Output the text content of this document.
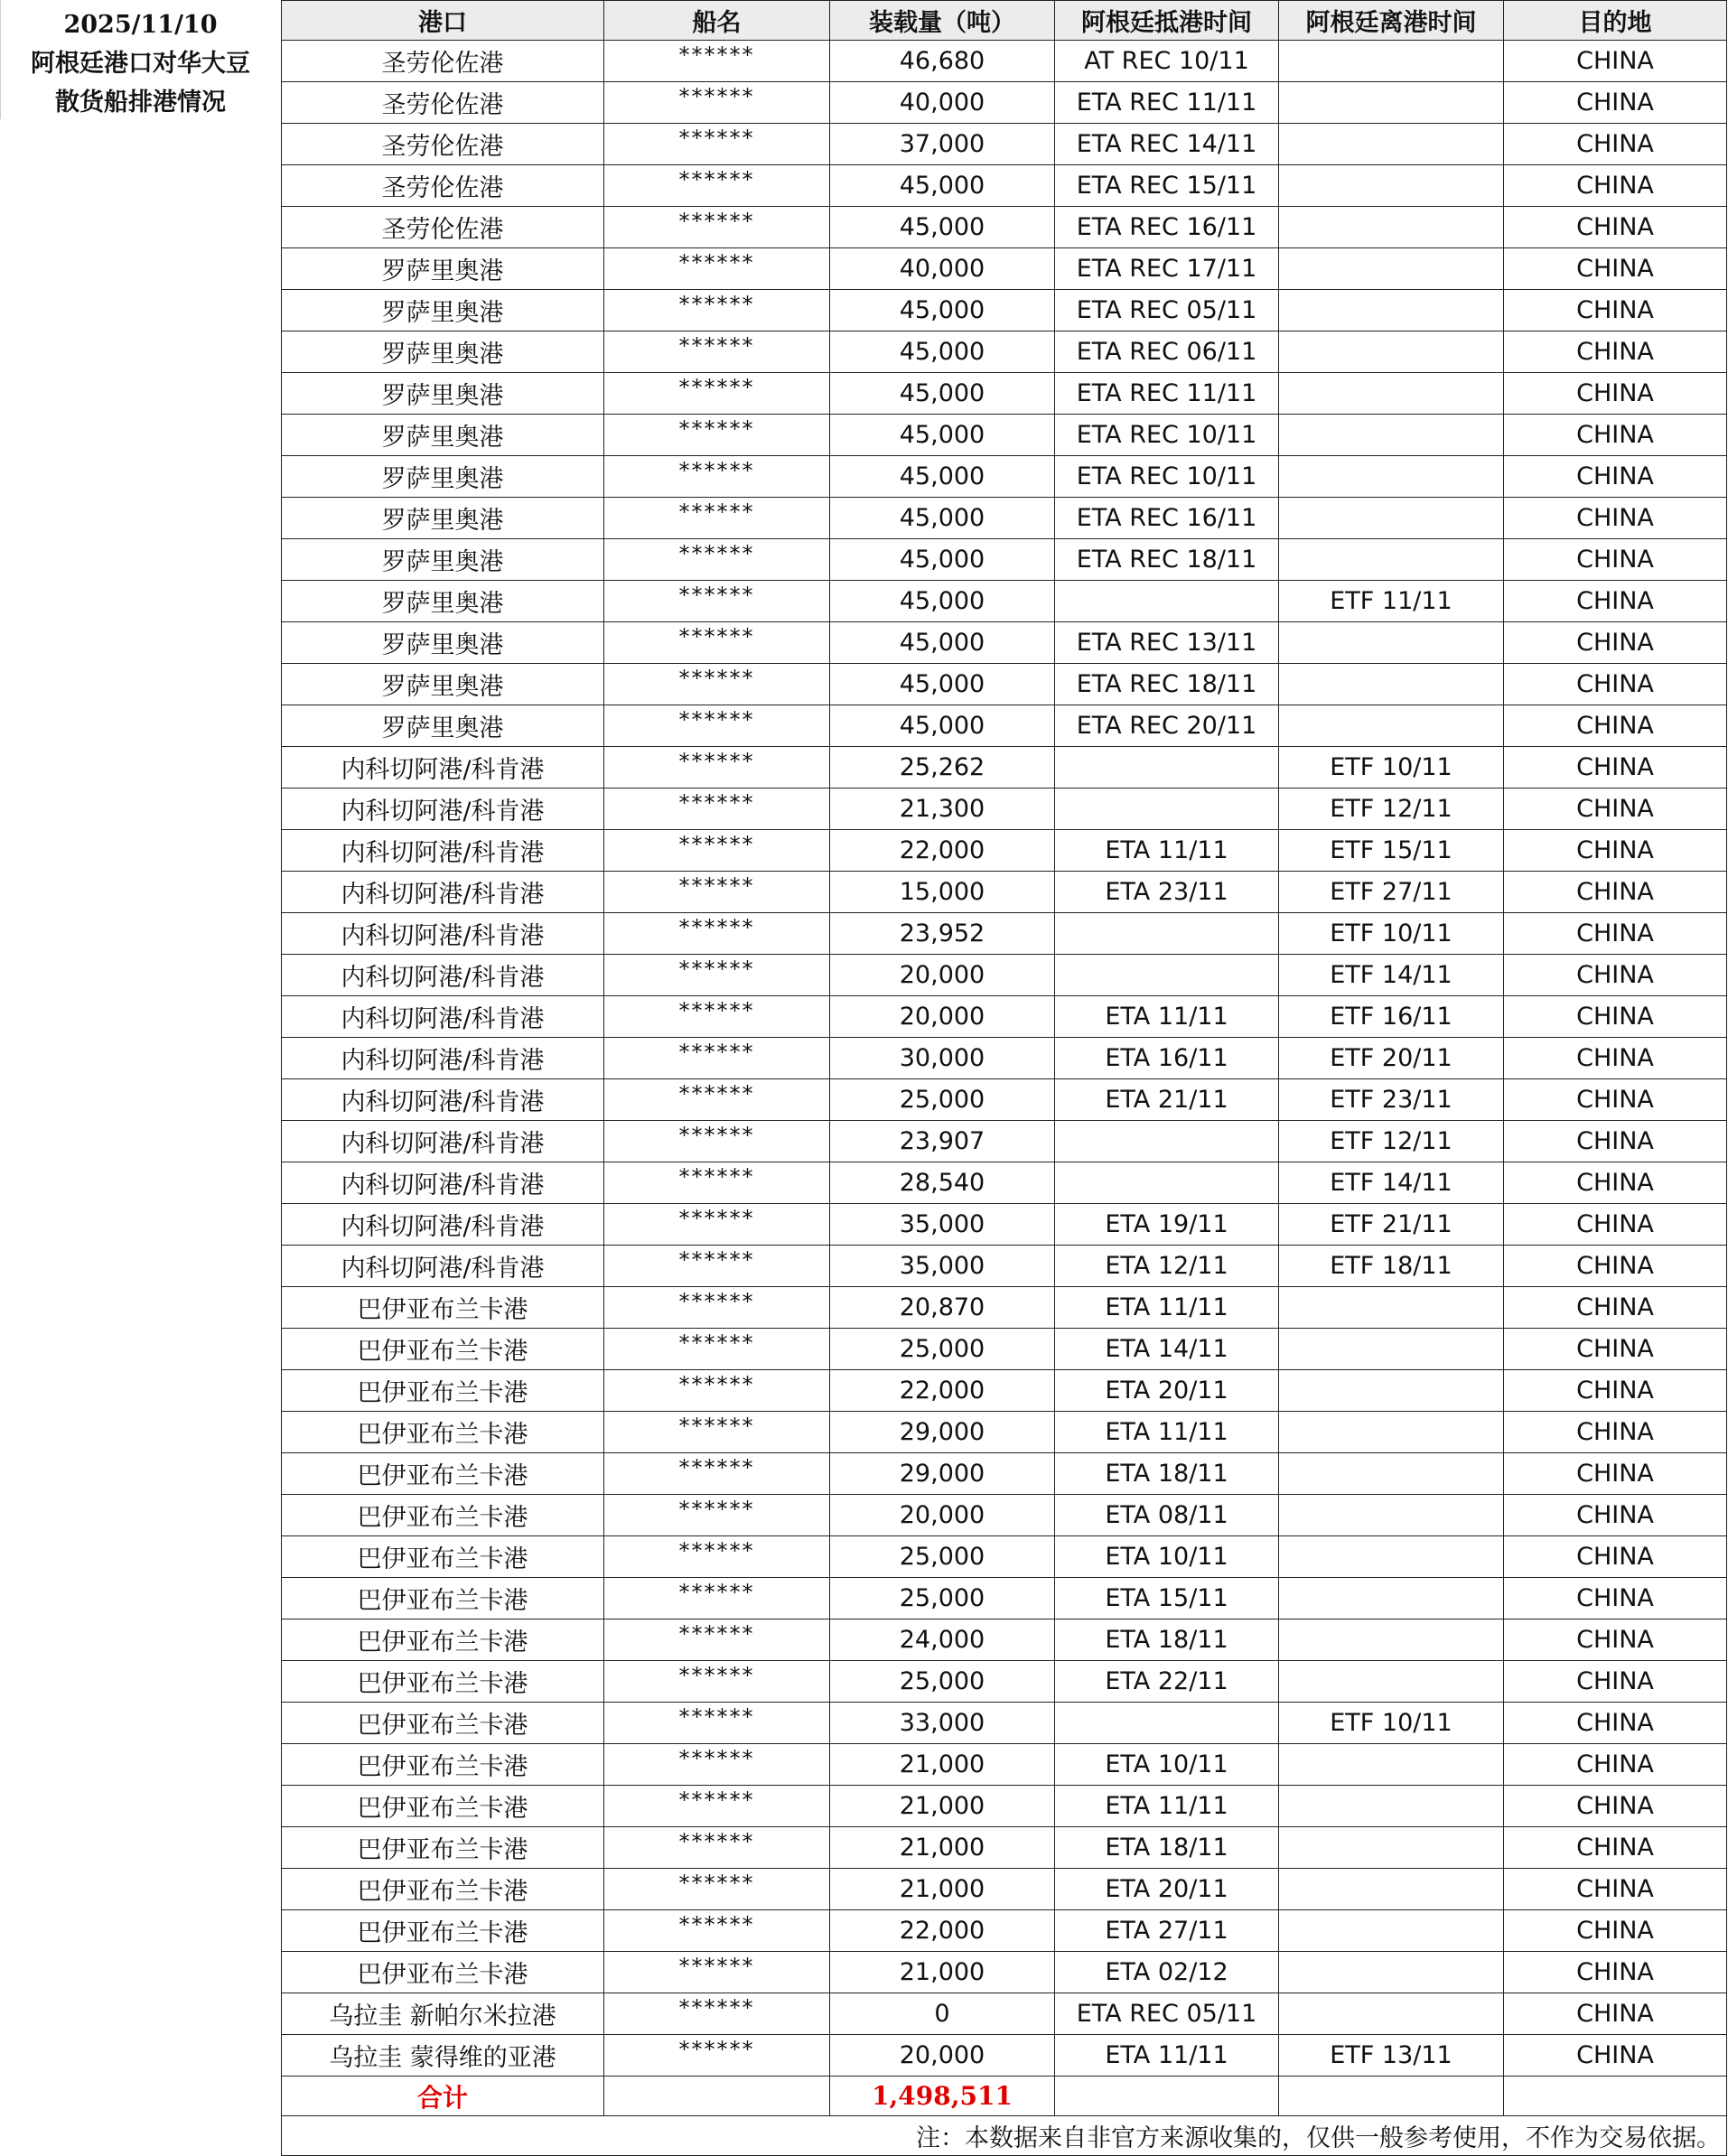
2025/11/10
阿根廷港口对华大豆
散货船排港情况
港口	船名	装载量（吨）	阿根廷抵港时间	阿根廷离港时间	目的地
圣劳伦佐港	******	46,680	AT REC 10/11		CHINA
圣劳伦佐港	******	40,000	ETA REC 11/11		CHINA
圣劳伦佐港	******	37,000	ETA REC 14/11		CHINA
圣劳伦佐港	******	45,000	ETA REC 15/11		CHINA
圣劳伦佐港	******	45,000	ETA REC 16/11		CHINA
罗萨里奥港	******	40,000	ETA REC 17/11		CHINA
罗萨里奥港	******	45,000	ETA REC 05/11		CHINA
罗萨里奥港	******	45,000	ETA REC 06/11		CHINA
罗萨里奥港	******	45,000	ETA REC 11/11		CHINA
罗萨里奥港	******	45,000	ETA REC 10/11		CHINA
罗萨里奥港	******	45,000	ETA REC 10/11		CHINA
罗萨里奥港	******	45,000	ETA REC 16/11		CHINA
罗萨里奥港	******	45,000	ETA REC 18/11		CHINA
罗萨里奥港	******	45,000		ETF 11/11	CHINA
罗萨里奥港	******	45,000	ETA REC 13/11		CHINA
罗萨里奥港	******	45,000	ETA REC 18/11		CHINA
罗萨里奥港	******	45,000	ETA REC 20/11		CHINA
内科切阿港/科肯港	******	25,262		ETF 10/11	CHINA
内科切阿港/科肯港	******	21,300		ETF 12/11	CHINA
内科切阿港/科肯港	******	22,000	ETA 11/11	ETF 15/11	CHINA
内科切阿港/科肯港	******	15,000	ETA 23/11	ETF 27/11	CHINA
内科切阿港/科肯港	******	23,952		ETF 10/11	CHINA
内科切阿港/科肯港	******	20,000		ETF 14/11	CHINA
内科切阿港/科肯港	******	20,000	ETA 11/11	ETF 16/11	CHINA
内科切阿港/科肯港	******	30,000	ETA 16/11	ETF 20/11	CHINA
内科切阿港/科肯港	******	25,000	ETA 21/11	ETF 23/11	CHINA
内科切阿港/科肯港	******	23,907		ETF 12/11	CHINA
内科切阿港/科肯港	******	28,540		ETF 14/11	CHINA
内科切阿港/科肯港	******	35,000	ETA 19/11	ETF 21/11	CHINA
内科切阿港/科肯港	******	35,000	ETA 12/11	ETF 18/11	CHINA
巴伊亚布兰卡港	******	20,870	ETA 11/11		CHINA
巴伊亚布兰卡港	******	25,000	ETA 14/11		CHINA
巴伊亚布兰卡港	******	22,000	ETA 20/11		CHINA
巴伊亚布兰卡港	******	29,000	ETA 11/11		CHINA
巴伊亚布兰卡港	******	29,000	ETA 18/11		CHINA
巴伊亚布兰卡港	******	20,000	ETA 08/11		CHINA
巴伊亚布兰卡港	******	25,000	ETA 10/11		CHINA
巴伊亚布兰卡港	******	25,000	ETA 15/11		CHINA
巴伊亚布兰卡港	******	24,000	ETA 18/11		CHINA
巴伊亚布兰卡港	******	25,000	ETA 22/11		CHINA
巴伊亚布兰卡港	******	33,000		ETF 10/11	CHINA
巴伊亚布兰卡港	******	21,000	ETA 10/11		CHINA
巴伊亚布兰卡港	******	21,000	ETA 11/11		CHINA
巴伊亚布兰卡港	******	21,000	ETA 18/11		CHINA
巴伊亚布兰卡港	******	21,000	ETA 20/11		CHINA
巴伊亚布兰卡港	******	22,000	ETA 27/11		CHINA
巴伊亚布兰卡港	******	21,000	ETA 02/12		CHINA
乌拉圭 新帕尔米拉港	******	0	ETA REC 05/11		CHINA
乌拉圭 蒙得维的亚港	******	20,000	ETA 11/11	ETF 13/11	CHINA
合计		1,498,511			
注：本数据来自非官方来源收集的，仅供一般参考使用，不作为交易依据。					
